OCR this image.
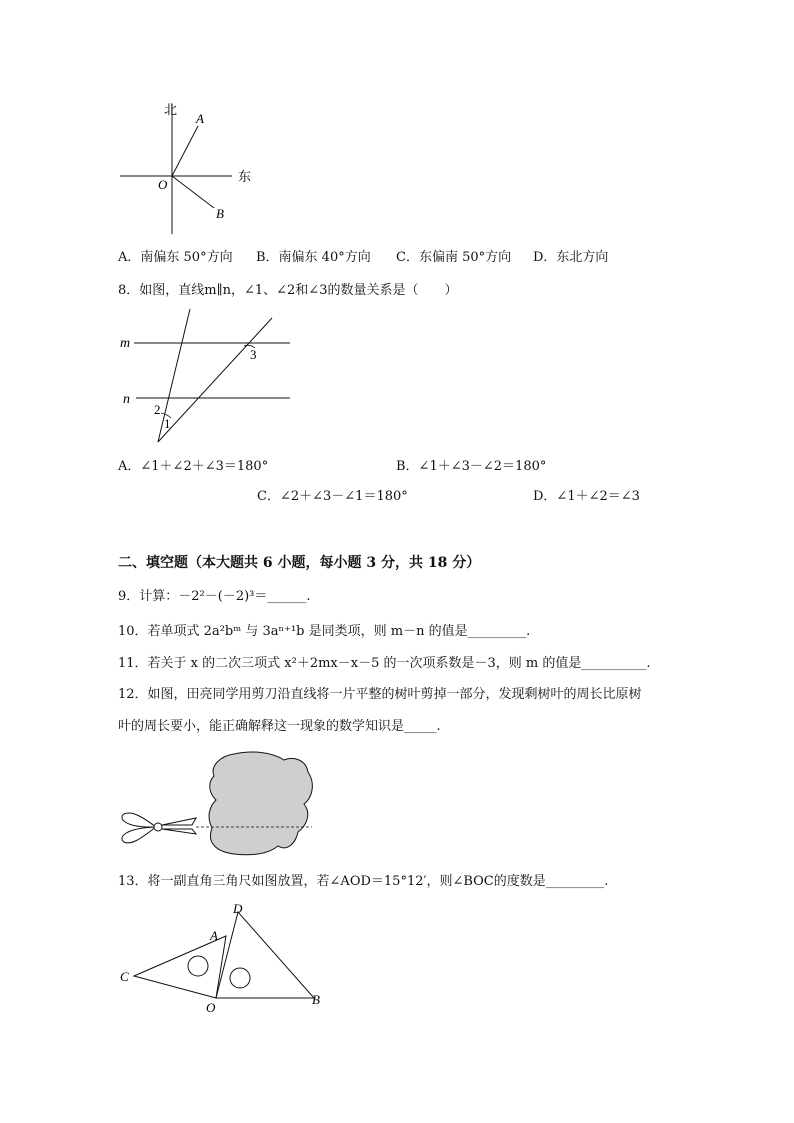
北
东
A
O
B
A．南偏东 50°方向 B．南偏东 40°方向 C．东偏南 50°方向 D．东北方向
8．如图，直线m∥n，∠1、∠2和∠3的数量关系是（　　）
m
n
1
2
3
A．∠1＋∠2＋∠3＝180°	B．∠1＋∠3－∠2＝180°
C．∠2＋∠3－∠1＝180°	D．∠1＋∠2＝∠3
二、填空题（本大题共 6 小题，每小题 3 分，共 18 分）
9．计算：－2²－(－2)³＝______.
10．若单项式 2a²bᵐ 与 3aⁿ⁺¹b 是同类项，则 m－n 的值是_________.
11．若关于 x 的二次三项式 x²＋2mx－x－5 的一次项系数是－3，则 m 的值是__________.
12．如图，田亮同学用剪刀沿直线将一片平整的树叶剪掉一部分，发现剩树叶的周长比原树
叶的周长要小，能正确解释这一现象的数学知识是_____.
13．将一副直角三角尺如图放置，若∠AOD＝15°12′，则∠BOC的度数是_________.
A
B
C
D
O
